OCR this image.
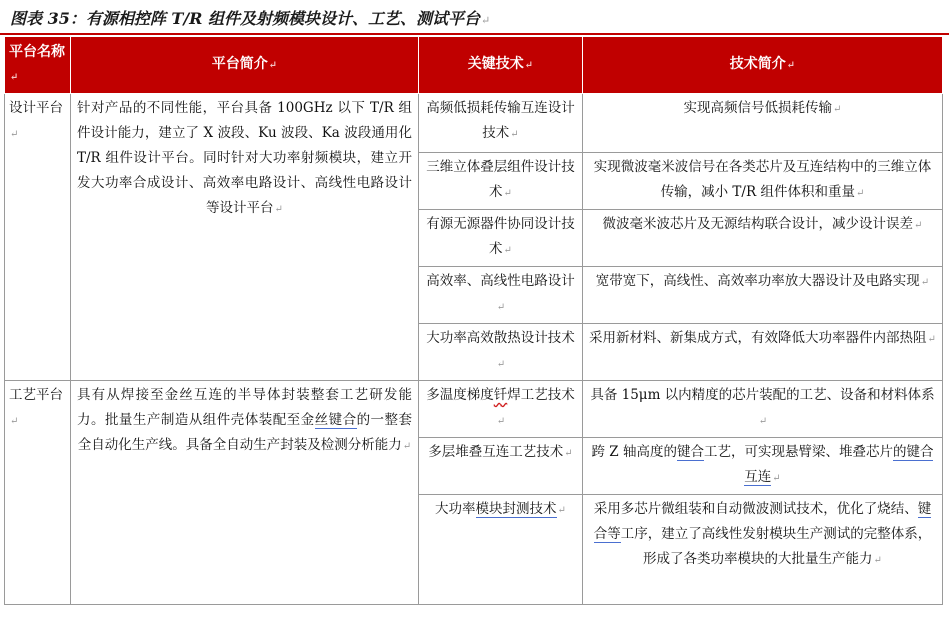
图表 35：有源相控阵 T/R 组件及射频模块设计、工艺、测试平台↵
平台名称↵	平台简介↵	关键技术↵	技术简介↵
设计平台↵	针对产品的不同性能，平台具备 100GHz 以下 T/R 组件设计能力，建立了 X 波段、Ku 波段、Ka 波段通用化 T/R 组件设计平台。同时针对大功率射频模块，建立开发大功率合成设计、高效率电路设计、高线性电路设计等设计平台↵	高频低损耗传输互连设计技术↵	实现高频信号低损耗传输↵
		三维立体叠层组件设计技术↵	实现微波毫米波信号在各类芯片及互连结构中的三维立体传输，减小 T/R 组件体积和重量↵
		有源无源器件协同设计技术↵	微波毫米波芯片及无源结构联合设计，减少设计误差↵
		高效率、高线性电路设计↵	宽带宽下，高线性、高效率功率放大器设计及电路实现↵
		大功率高效散热设计技术↵	采用新材料、新集成方式，有效降低大功率器件内部热阻↵
工艺平台↵	具有从焊接至金丝互连的半导体封装整套工艺研发能力。批量生产制造从组件壳体装配至金丝键合的一整套全自动化生产线。具备全自动生产封装及检测分析能力↵	多温度梯度钎焊工艺技术↵	具备 15μm 以内精度的芯片装配的工艺、设备和材料体系↵
		多层堆叠互连工艺技术↵	跨 Z 轴高度的键合工艺，可实现悬臂梁、堆叠芯片的键合互连↵
		大功率模块封测技术↵	采用多芯片微组装和自动微波测试技术，优化了烧结、键合等工序，建立了高线性发射模块生产测试的完整体系，形成了各类功率模块的大批量生产能力↵
